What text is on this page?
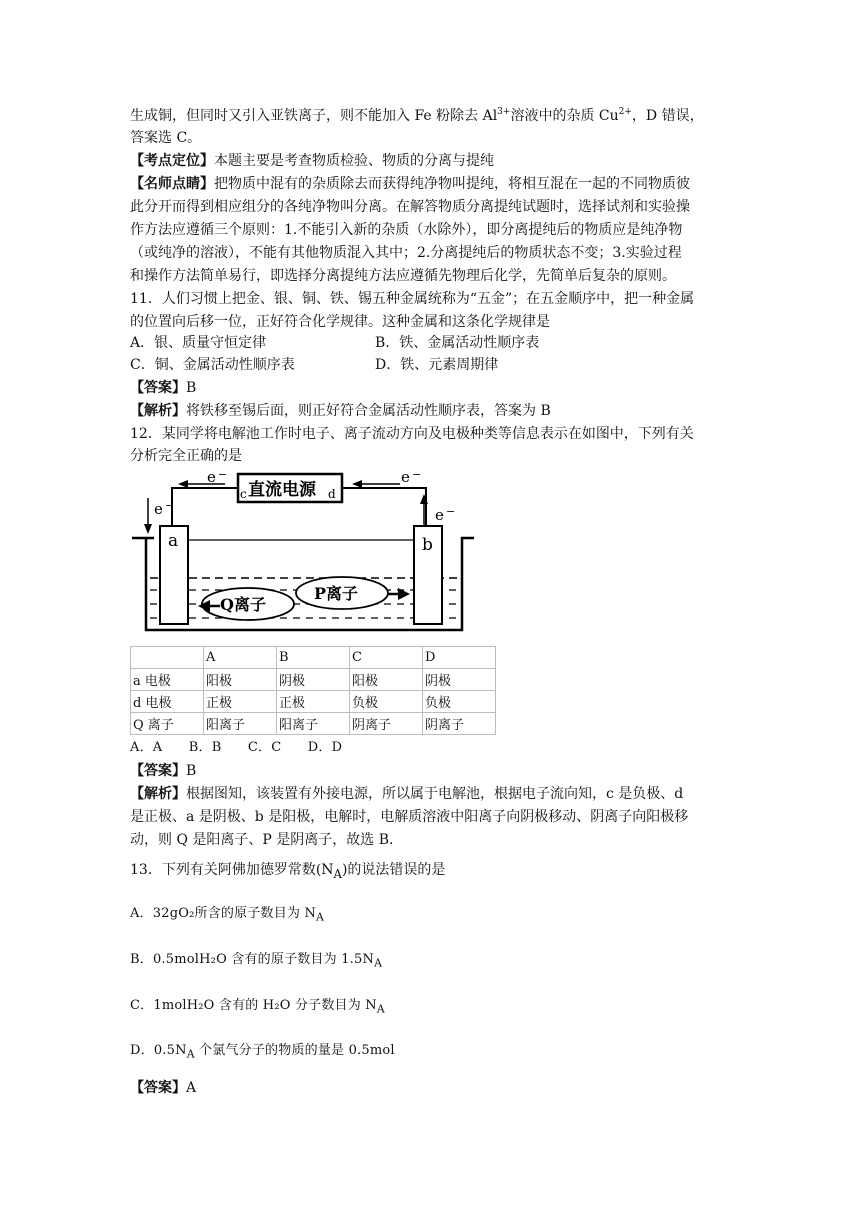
生成铜，但同时又引入亚铁离子，则不能加入 Fe 粉除去 $Al^{3+}$溶液中的杂质 $Cu^{2+}$，D 错误，
答案选 C。
【考点定位】本题主要是考查物质检验、物质的分离与提纯
【名师点睛】把物质中混有的杂质除去而获得纯净物叫提纯，将相互混在一起的不同物质彼
此分开而得到相应组分的各纯净物叫分离。在解答物质分离提纯试题时，选择试剂和实验操
作方法应遵循三个原则：1.不能引入新的杂质（水除外），即分离提纯后的物质应是纯净物
（或纯净的溶液），不能有其他物质混入其中；2.分离提纯后的物质状态不变；3.实验过程
和操作方法简单易行，即选择分离提纯方法应遵循先物理后化学，先简单后复杂的原则。
11．人们习惯上把金、银、铜、铁、锡五种金属统称为“五金”；在五金顺序中，把一种金属
的位置向后移一位，正好符合化学规律。这种金属和这条化学规律是
A．银、质量守恒定律	B．铁、金属活动性顺序表
C．铜、金属活动性顺序表	D．铁、元素周期律
【答案】B
【解析】将铁移至锡后面，则正好符合金属活动性顺序表，答案为 B
12．某同学将电解池工作时电子、离子流动方向及电极种类等信息表示在如图中，下列有关
分析完全正确的是
c 直流电源 d
e −	e −
e −
e −
a	b
Q离子
P离子
	A	B	C	D
a 电极	阳极	阴极	阳极	阴极
d 电极	正极	正极	负极	负极
Q 离子	阳离子	阳离子	阴离子	阴离子
A．A　　B．B　　C．C　　D．D
【答案】B
【解析】根据图知，该装置有外接电源，所以属于电解池，根据电子流向知，c 是负极、d
是正极、a 是阴极、b 是阳极，电解时，电解质溶液中阳离子向阴极移动、阴离子向阳极移
动，则 Q 是阳离子、P 是阴离子，故选 B.
13．下列有关阿佛加德罗常数$(N_A)$的说法错误的是
A．32gO₂所含的原子数目为 $N_A$
B．0.5molH₂O 含有的原子数目为 $1.5N_A$
C．1molH₂O 含有的 H₂O 分子数目为 $N_A$
D．$0.5N_A$ 个氯气分子的物质的量是 0.5mol
【答案】A
